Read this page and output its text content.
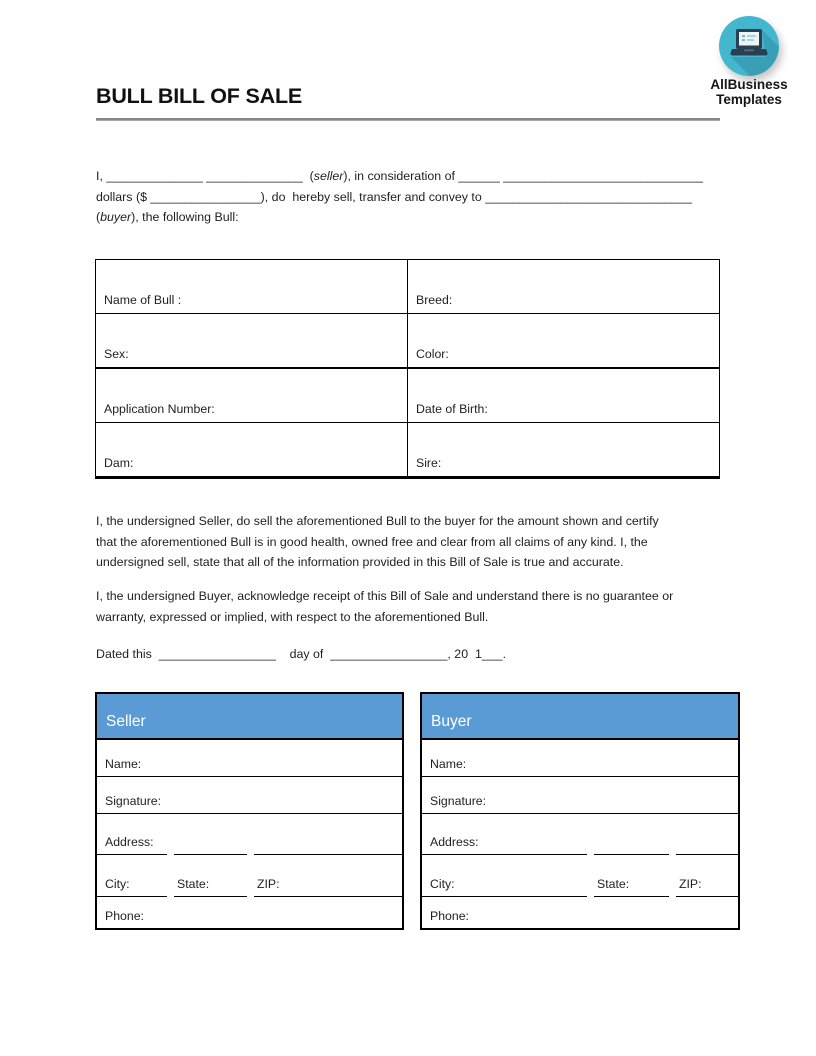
BULL BILL OF SALE	AllBusiness
Templates
I, ______________ ______________  (seller), in consideration of ______ _____________________________
dollars ($ ________________), do  hereby sell, transfer and convey to ______________________________
(buyer), the following Bull:
Name of Bull :	Breed:
Sex:	Color:
Application Number:	Date of Birth:
Dam:	Sire:
I, the undersigned Seller, do sell the aforementioned Bull to the buyer for the amount shown and certify
that the aforementioned Bull is in good health, owned free and clear from all claims of any kind. I, the
undersigned sell, state that all of the information provided in this Bill of Sale is true and accurate.
I, the undersigned Buyer, acknowledge receipt of this Bill of Sale and understand there is no guarantee or
warranty, expressed or implied, with respect to the aforementioned Bull.
Dated this  _________________    day of  _________________, 20  1___.
Seller
Name:
Signature:
Address:
City:	State:	ZIP:
Phone:
Buyer
Name:
Signature:
Address:
City:	State:	ZIP:
Phone:
